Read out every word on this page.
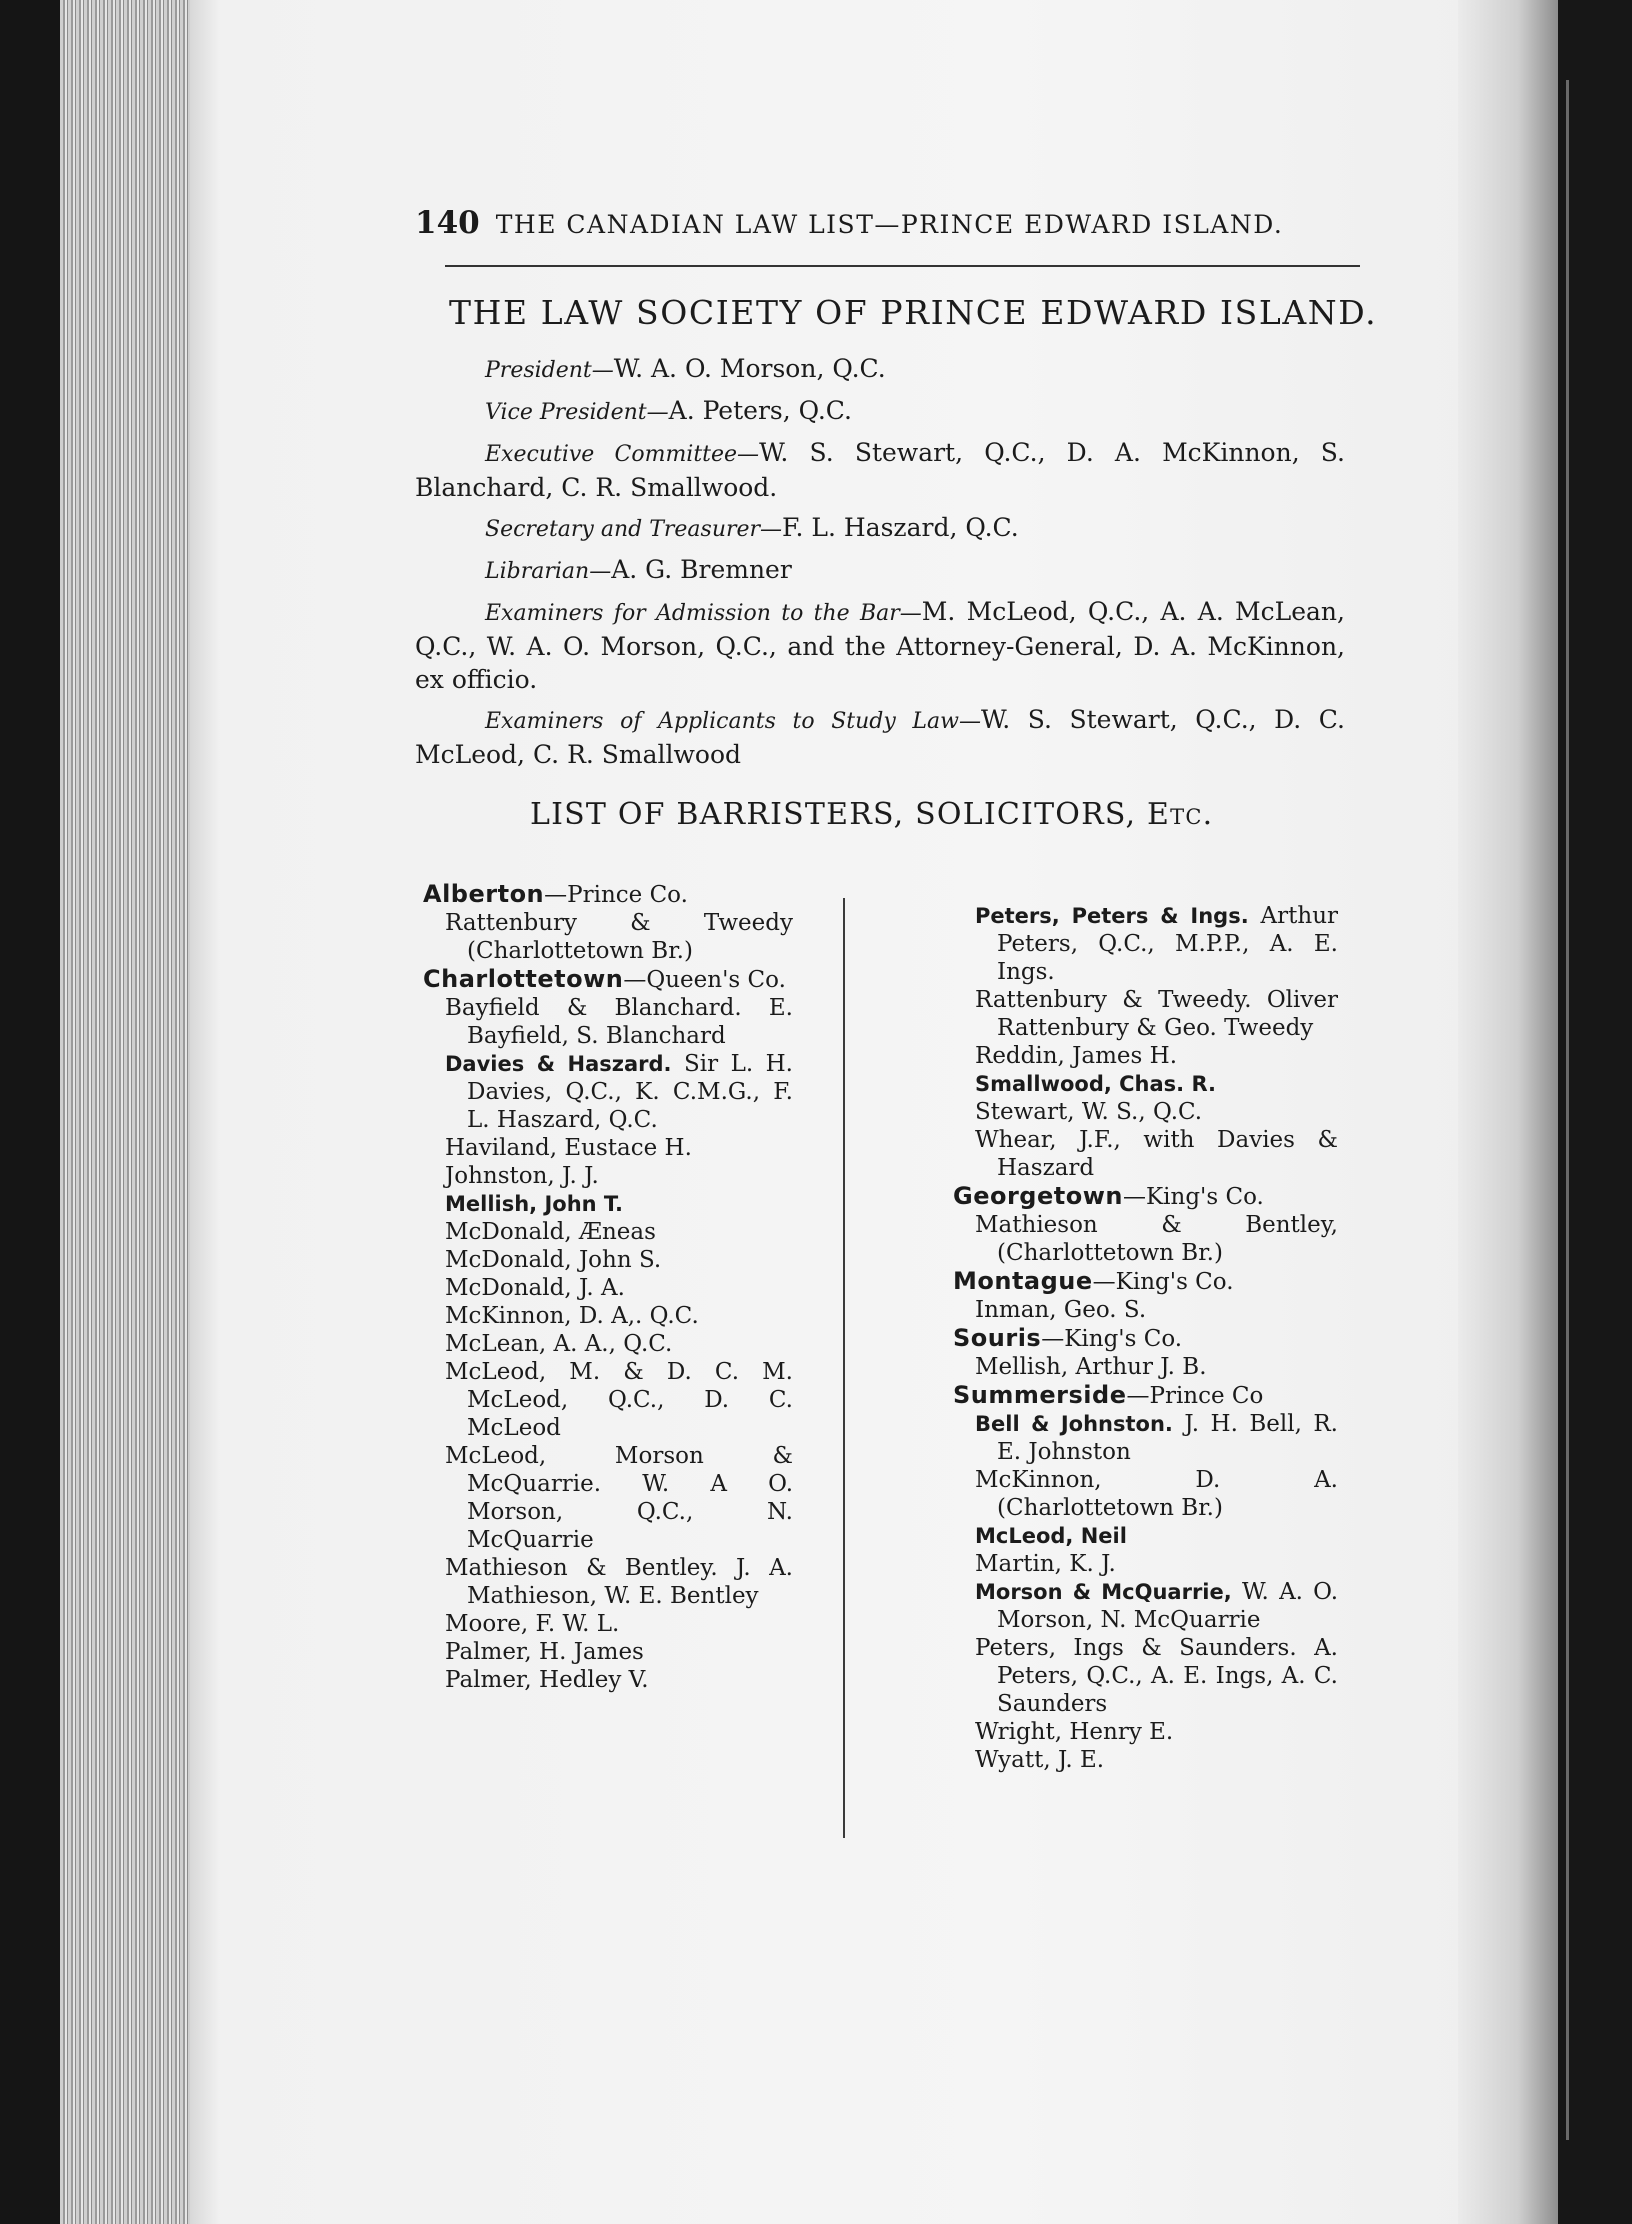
140 THE CANADIAN LAW LIST—PRINCE EDWARD ISLAND.
THE LAW SOCIETY OF PRINCE EDWARD ISLAND.

President—W. A. O. Morson, Q.C.

Vice President—A. Peters, Q.C.

Executive Committee—W. S. Stewart, Q.C., D. A. McKinnon, S. Blanchard, C. R. Smallwood.

Secretary and Treasurer—F. L. Haszard, Q.C.

Librarian—A. G. Bremner

Examiners for Admission to the Bar—M. McLeod, Q.C., A. A. McLean, Q.C., W. A. O. Morson, Q.C., and the Attorney-General, D. A. McKinnon, ex officio.

Examiners of Applicants to Study Law—W. S. Stewart, Q.C., D. C. McLeod, C. R. Smallwood

LIST OF BARRISTERS, SOLICITORS, Etc.
Alberton—Prince Co.
Rattenbury & Tweedy (Charlottetown Br.)
Charlottetown—Queen's Co.
Bayfield & Blanchard. E. Bayfield, S. Blanchard
Davies & Haszard. Sir L. H. Davies, Q.C., K. C.M.G., F. L. Haszard, Q.C.
Haviland, Eustace H.
Johnston, J. J.
Mellish, John T.
McDonald, Æneas
McDonald, John S.
McDonald, J. A.
McKinnon, D. A,. Q.C.
McLean, A. A., Q.C.
McLeod, M. & D. C. M. McLeod, Q.C., D. C. McLeod
McLeod, Morson & McQuarrie. W. A O. Morson, Q.C., N. McQuarrie
Mathieson & Bentley. J. A. Mathieson, W. E. Bentley
Moore, F. W. L.
Palmer, H. James
Palmer, Hedley V.
Peters, Peters & Ings. Arthur Peters, Q.C., M.P.P., A. E. Ings.
Rattenbury & Tweedy. Oliver Rattenbury & Geo. Tweedy
Reddin, James H.
Smallwood, Chas. R.
Stewart, W. S., Q.C.
Whear, J.F., with Davies & Haszard
Georgetown—King's Co.
Mathieson & Bentley, (Charlottetown Br.)
Montague—King's Co.
Inman, Geo. S.
Souris—King's Co.
Mellish, Arthur J. B.
Summerside—Prince Co
Bell & Johnston. J. H. Bell, R. E. Johnston
McKinnon, D. A. (Charlottetown Br.)
McLeod, Neil
Martin, K. J.
Morson & McQuarrie, W. A. O. Morson, N. McQuarrie
Peters, Ings & Saunders. A. Peters, Q.C., A. E. Ings, A. C. Saunders
Wright, Henry E.
Wyatt, J. E.
